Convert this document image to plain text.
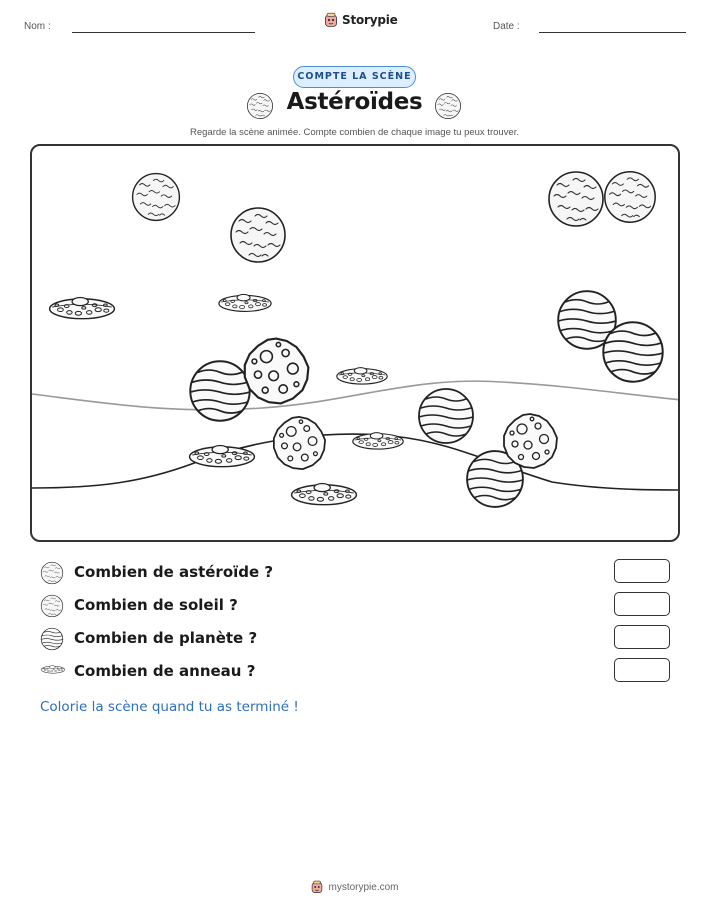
Nom :	Storypie	Date :
COMPTE LA SCÈNE
Astéroïdes

Regarde la scène animée. Compte combien de chaque image tu peux trouver.

Combien de astéroïde ?
Combien de soleil ?
Combien de planète ?
Combien de anneau ?

Colorie la scène quand tu as terminé !

mystorypie.com
